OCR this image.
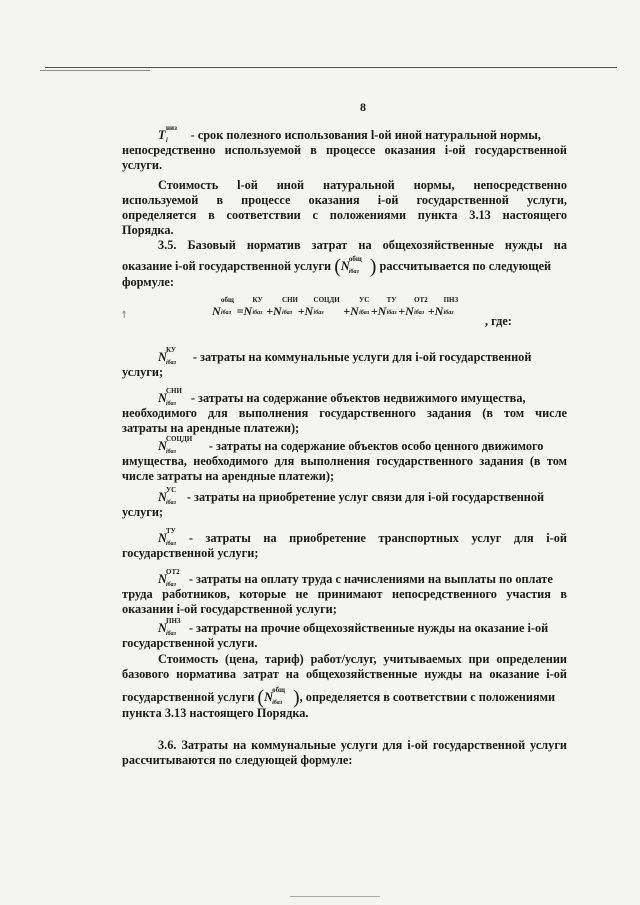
8

T низ
l - срок полезного использования l-ой иной натуральной нормы,

непосредственно используемой в процессе оказания i-ой государственной

услуги.

Стоимость l-ой иной натуральной нормы, непосредственно

используемой в процессе оказания i-ой государственной услуги,

определяется в соответствии с положениями пункта 3.13 настоящего

Порядка.

3.5. Базовый норматив затрат на общехозяйственные нужды на

оказание i-ой государственной услуги (N общ
iбаз ) рассчитывается по следующей

формуле:

↟	N
общ
iбаз =N
КУ
iбаз +N
СНИ
iбаз +N
СОЦДИ
iбаз +N
УС
iбаз +N
ТУ
iбаз +N
ОТ2
iбаз +N
ПНЗ
iбаз
, где:

N КУ
iбаз - затраты на коммунальные услуги для i-ой государственной

услуги;

N СНИ
iбаз - затраты на содержание объектов недвижимого имущества,

необходимого для выполнения государственного задания (в том числе

затраты на арендные платежи);

N СОЦДИ
iбаз	- затраты на содержание объектов особо ценного движимого

имущества, необходимого для выполнения государственного задания (в том

числе затраты на арендные платежи);

N УС
iбаз - затраты на приобретение услуг связи для i-ой государственной

услуги;

N ТУ
iбаз - затраты на приобретение транспортных услуг для i-ой

государственной услуги;

N ОТ2
iбаз - затраты на оплату труда с начислениями на выплаты по оплате

труда работников, которые не принимают непосредственного участия в

оказании i-ой государственной услуги;

N ПНЗ
iбаз - затраты на прочие общехозяйственные нужды на оказание i-ой

государственной услуги.

Стоимость (цена, тариф) работ/услуг, учитываемых при определении

базового норматива затрат на общехозяйственные нужды на оказание i-ой

государственной услуги (N общ
iбаз ), определяется в соответствии с положениями

пункта 3.13 настоящего Порядка.

3.6. Затраты на коммунальные услуги для i-ой государственной услуги

рассчитываются по следующей формуле:
